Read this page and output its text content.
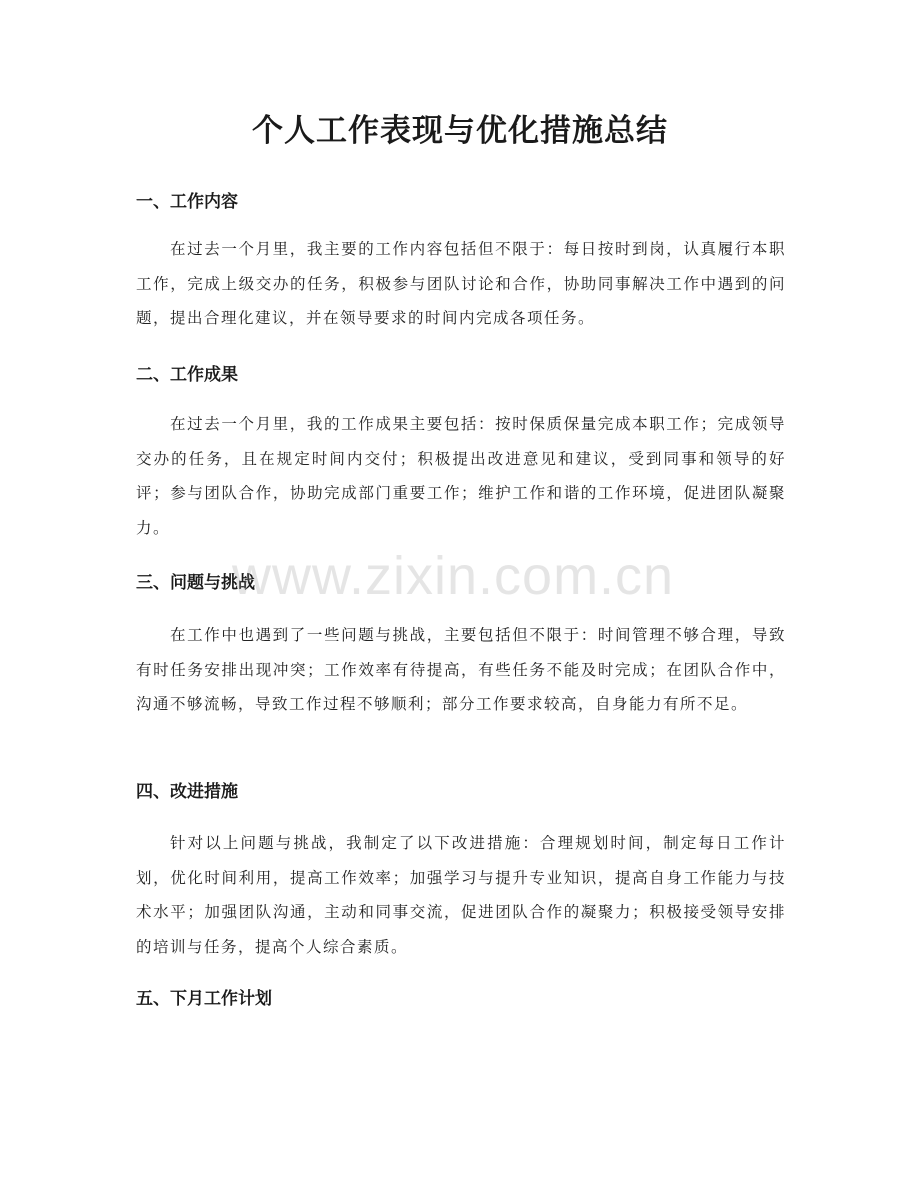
个人工作表现与优化措施总结
一、工作内容

在过去一个月里，我主要的工作内容包括但不限于：每日按时到岗，认真履行本职工作，完成上级交办的任务，积极参与团队讨论和合作，协助同事解决工作中遇到的问题，提出合理化建议，并在领导要求的时间内完成各项任务。

二、工作成果

在过去一个月里，我的工作成果主要包括：按时保质保量完成本职工作；完成领导交办的任务，且在规定时间内交付；积极提出改进意见和建议，受到同事和领导的好评；参与团队合作，协助完成部门重要工作；维护工作和谐的工作环境，促进团队凝聚力。

三、问题与挑战

在工作中也遇到了一些问题与挑战，主要包括但不限于：时间管理不够合理，导致有时任务安排出现冲突；工作效率有待提高，有些任务不能及时完成；在团队合作中，沟通不够流畅，导致工作过程不够顺利；部分工作要求较高，自身能力有所不足。

四、改进措施

针对以上问题与挑战，我制定了以下改进措施：合理规划时间，制定每日工作计划，优化时间利用，提高工作效率；加强学习与提升专业知识，提高自身工作能力与技术水平；加强团队沟通，主动和同事交流，促进团队合作的凝聚力；积极接受领导安排的培训与任务，提高个人综合素质。

五、下月工作计划
www.zixin.com.cn
